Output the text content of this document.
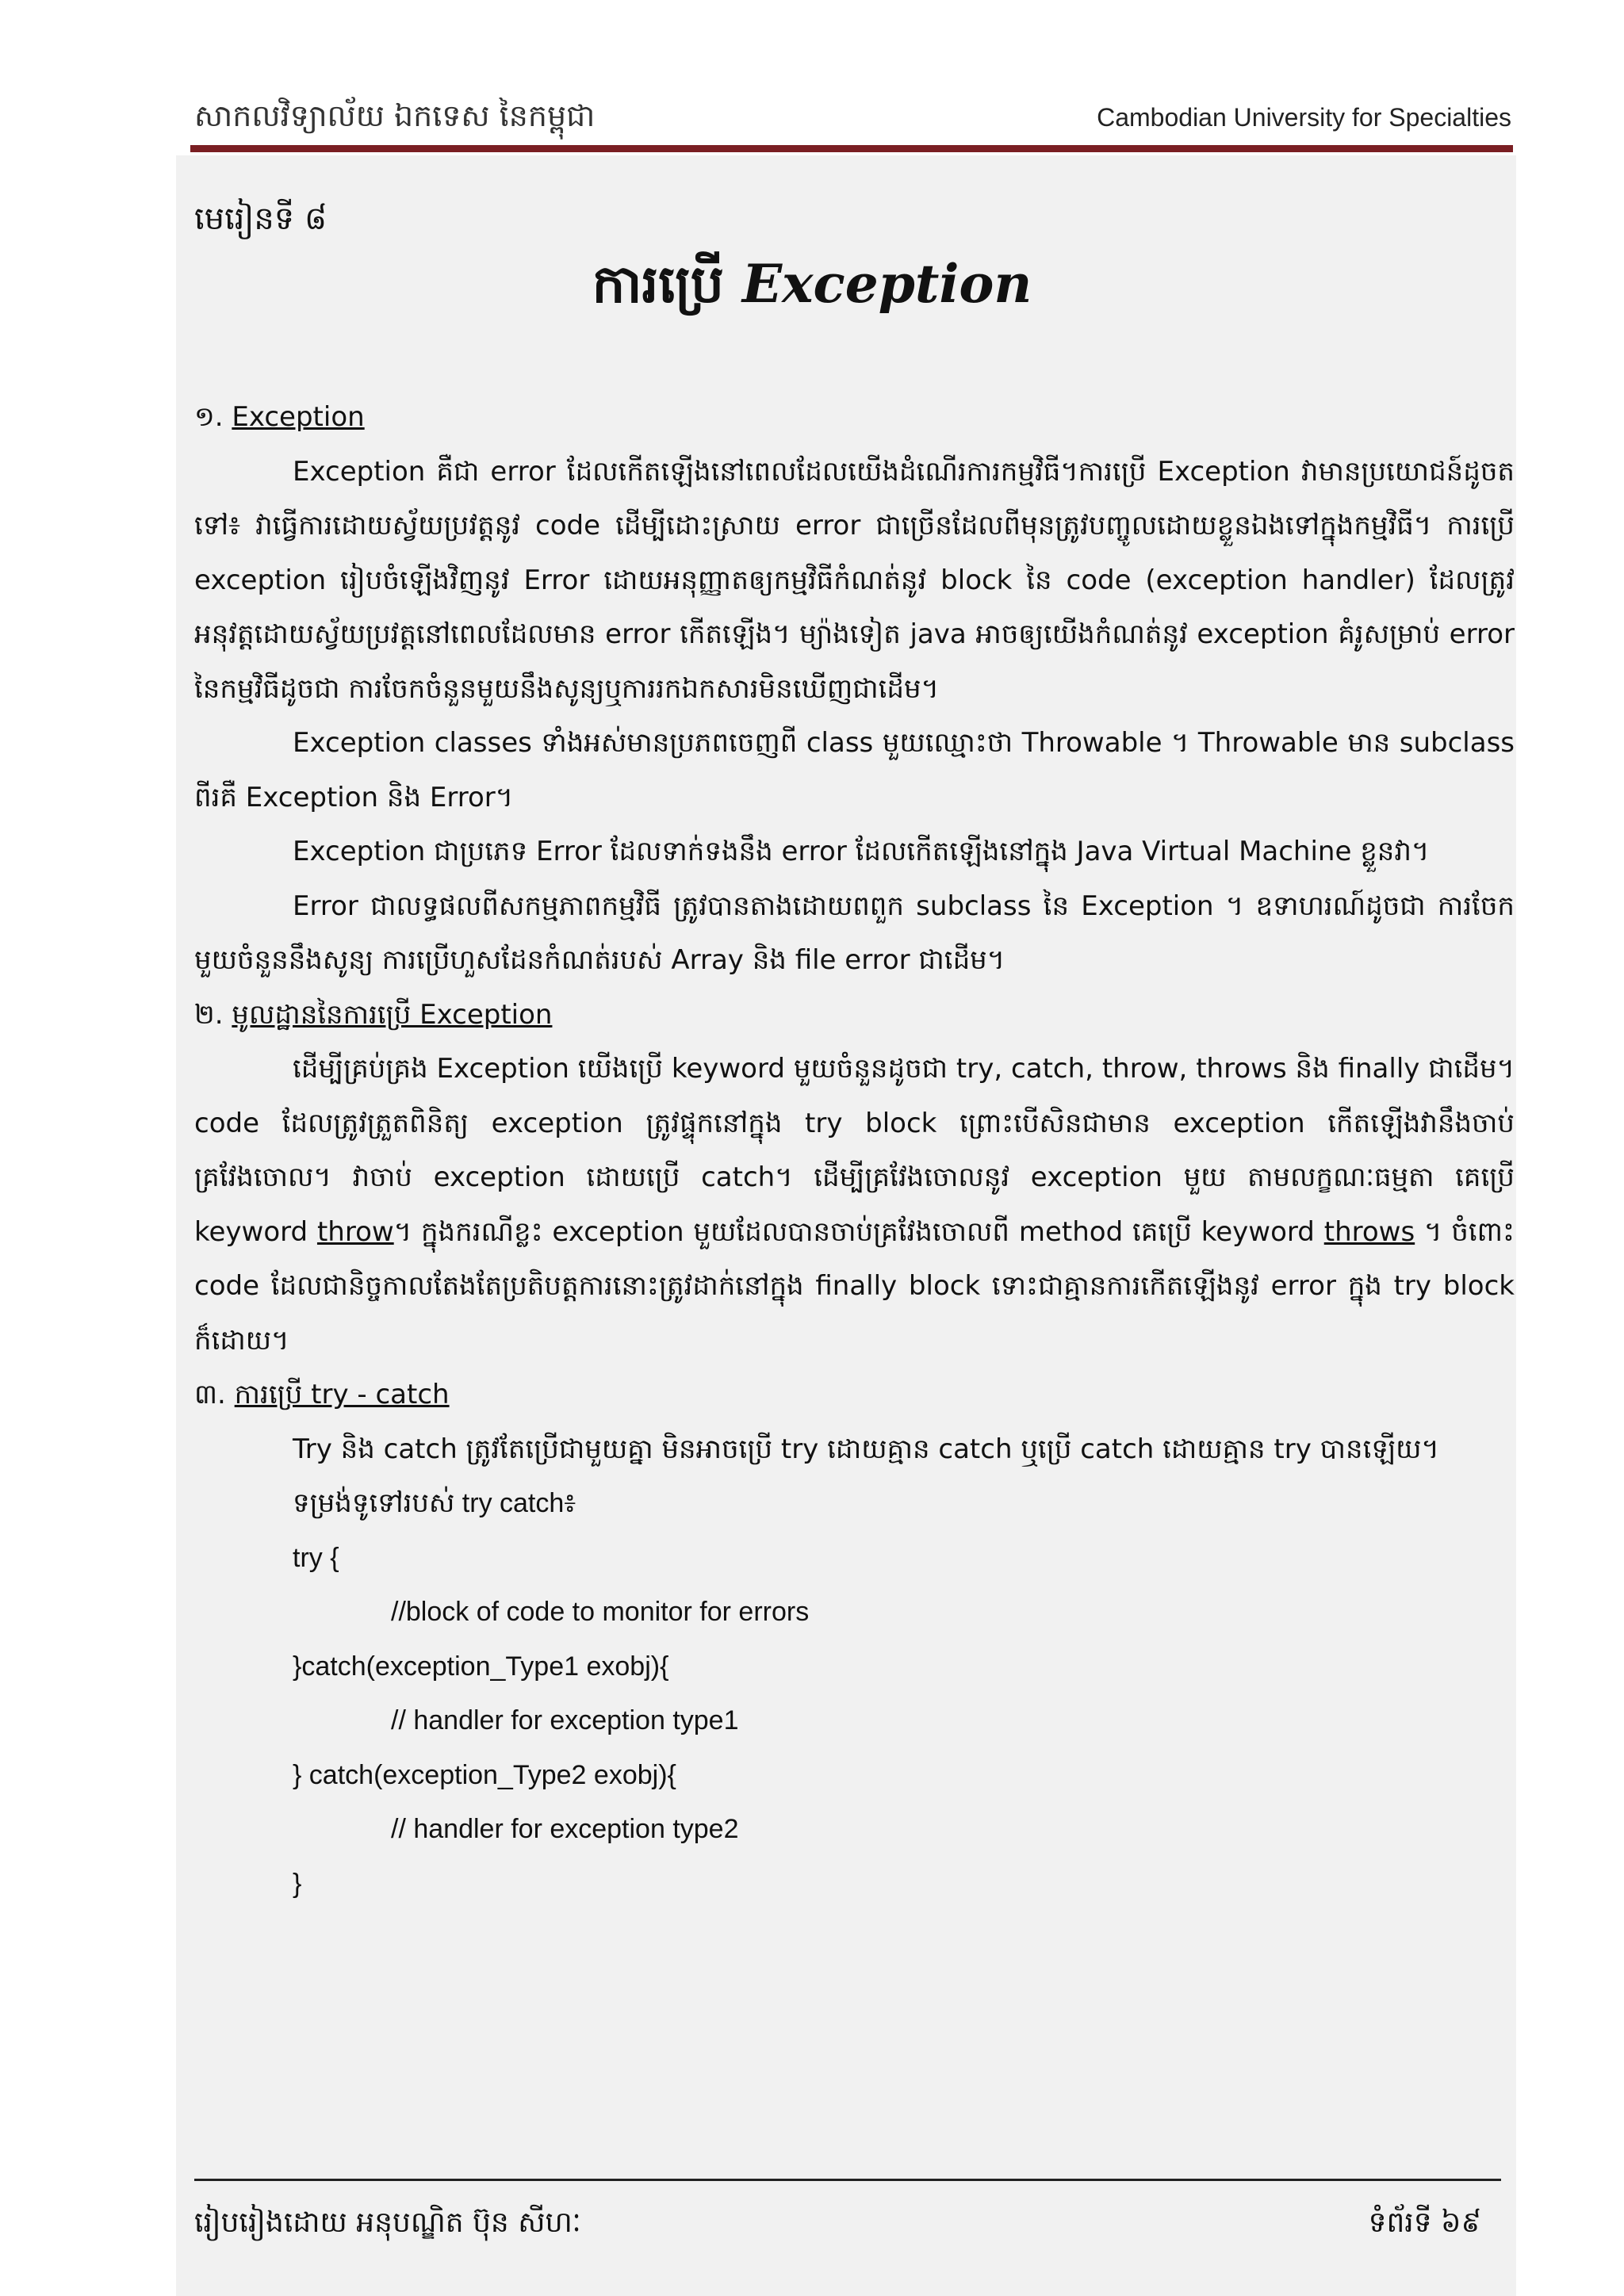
សាកលវិទ្យាល័យ ឯកទេស នៃកម្ពុជា	Cambodian University for Specialties
មេរៀនទី ៨
ការប្រើ Exception

១. Exception

Exception គឺជា error ដែលកើតឡើងនៅពេលដែលយើងដំណើរការកម្មវិធី។ការប្រើ Exception វាមានប្រយោជន៍ដូចតទៅ៖ វាធ្វើការដោយស្វ័យប្រវត្តនូវ code ដើម្បីដោះស្រាយ error ជាច្រើនដែលពីមុនត្រូវបញ្ចូលដោយខ្លួនឯងទៅក្នុងកម្មវិធី។ ការប្រើ exception រៀបចំឡើងវិញនូវ Error ដោយអនុញ្ញាតឲ្យកម្មវិធីកំណត់នូវ block នៃ code (exception handler) ដែលត្រូវអនុវត្តដោយស្វ័យប្រវត្តនៅពេលដែលមាន error កើតឡើង។ ម្យ៉ាងទៀត java អាចឲ្យយើងកំណត់នូវ exception គំរូសម្រាប់ error នៃកម្មវិធីដូចជា ការចែកចំនួនមួយនឹងសូន្យឬការរកឯកសារមិនឃើញជាដើម។

Exception classes ទាំងអស់មានប្រភពចេញពី class មួយឈ្មោះថា Throwable ។ Throwable មាន subclass ពីរគឺ Exception និង Error។

Exception ជាប្រភេទ Error ដែលទាក់ទងនឹង error ដែលកើតឡើងនៅក្នុង Java Virtual Machine ខ្លួនវា។

Error ជាលទ្ធផលពីសកម្មភាពកម្មវិធី ត្រូវបានតាងដោយពពួក subclass នៃ Exception ។ ឧទាហរណ៍ដូចជា ការចែកមួយចំនួននឹងសូន្យ ការប្រើហួសដែនកំណត់របស់ Array និង file error ជាដើម។

២. មូលដ្ឋាននៃការប្រើ Exception

ដើម្បីគ្រប់គ្រង Exception យើងប្រើ keyword មួយចំនួនដូចជា try, catch, throw, throws និង finally ជាដើម។ code ដែលត្រូវត្រួតពិនិត្យ exception ត្រូវផ្ទុកនៅក្នុង try block ព្រោះបើសិនជាមាន exception កើតឡើងវានឹងចាប់គ្រវែងចោល។ វាចាប់ exception ដោយប្រើ catch។ ដើម្បីគ្រវែងចោលនូវ exception មួយ តាមលក្ខណៈធម្មតា គេប្រើ keyword throw។ ក្នុងករណីខ្លះ exception មួយដែលបានចាប់គ្រវែងចោលពី method គេប្រើ keyword throws ។ ចំពោះ code ដែលជានិច្ចកាលតែងតែប្រតិបត្តការនោះត្រូវដាក់នៅក្នុង finally block ទោះជាគ្មានការកើតឡើងនូវ error ក្នុង try block ក៏ដោយ។

៣. ការប្រើ try - catch

Try និង catch ត្រូវតែប្រើជាមួយគ្នា មិនអាចប្រើ try ដោយគ្មាន catch ឬប្រើ catch ដោយគ្មាន try បានឡើយ។

ទម្រង់ទូទៅរបស់ try catch៖

try {

//block of code to monitor for errors

}catch(exception_Type1 exobj){

// handler for exception type1

} catch(exception_Type2 exobj){

// handler for exception type2

}

រៀបរៀងដោយ អនុបណ្ឌិត ប៊ុន សីហៈ	ទំព័រទី ៦៩
